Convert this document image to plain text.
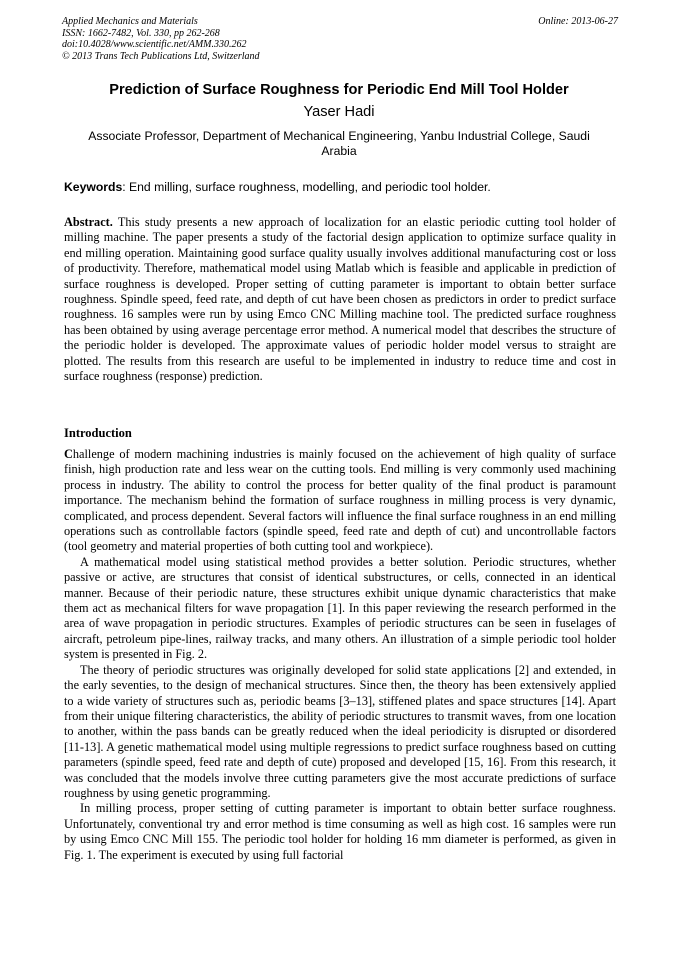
Applied Mechanics and Materials
ISSN: 1662-7482, Vol. 330, pp 262-268
doi:10.4028/www.scientific.net/AMM.330.262
© 2013 Trans Tech Publications Ltd, Switzerland
Online: 2013-06-27
Prediction of Surface Roughness for Periodic End Mill Tool Holder
Yaser Hadi
Associate Professor, Department of Mechanical Engineering, Yanbu Industrial College, Saudi Arabia
Keywords: End milling, surface roughness, modelling, and periodic tool holder.
Abstract. This study presents a new approach of localization for an elastic periodic cutting tool holder of milling machine. The paper presents a study of the factorial design application to optimize surface quality in end milling operation. Maintaining good surface quality usually involves additional manufacturing cost or loss of productivity. Therefore, mathematical model using Matlab which is feasible and applicable in prediction of surface roughness is developed. Proper setting of cutting parameter is important to obtain better surface roughness. Spindle speed, feed rate, and depth of cut have been chosen as predictors in order to predict surface roughness. 16 samples were run by using Emco CNC Milling machine tool. The predicted surface roughness has been obtained by using average percentage error method. A numerical model that describes the structure of the periodic holder is developed. The approximate values of periodic holder model versus to straight are plotted. The results from this research are useful to be implemented in industry to reduce time and cost in surface roughness (response) prediction.
Introduction

Challenge of modern machining industries is mainly focused on the achievement of high quality of surface finish, high production rate and less wear on the cutting tools. End milling is very commonly used machining process in industry. The ability to control the process for better quality of the final product is paramount importance. The mechanism behind the formation of surface roughness in milling process is very dynamic, complicated, and process dependent. Several factors will influence the final surface roughness in an end milling operations such as controllable factors (spindle speed, feed rate and depth of cut) and uncontrollable factors (tool geometry and material properties of both cutting tool and workpiece).

A mathematical model using statistical method provides a better solution. Periodic structures, whether passive or active, are structures that consist of identical substructures, or cells, connected in an identical manner. Because of their periodic nature, these structures exhibit unique dynamic characteristics that make them act as mechanical filters for wave propagation [1]. In this paper reviewing the research performed in the area of wave propagation in periodic structures. Examples of periodic structures can be seen in fuselages of aircraft, petroleum pipe-lines, railway tracks, and many others. An illustration of a simple periodic tool holder system is presented in Fig. 2.

The theory of periodic structures was originally developed for solid state applications [2] and extended, in the early seventies, to the design of mechanical structures. Since then, the theory has been extensively applied to a wide variety of structures such as, periodic beams [3–13], stiffened plates and space structures [14]. Apart from their unique filtering characteristics, the ability of periodic structures to transmit waves, from one location to another, within the pass bands can be greatly reduced when the ideal periodicity is disrupted or disordered [11-13]. A genetic mathematical model using multiple regressions to predict surface roughness based on cutting parameters (spindle speed, feed rate and depth of cute) proposed and developed [15, 16]. From this research, it was concluded that the models involve three cutting parameters give the most accurate predictions of surface roughness by using genetic programming.

In milling process, proper setting of cutting parameter is important to obtain better surface roughness. Unfortunately, conventional try and error method is time consuming as well as high cost. 16 samples were run by using Emco CNC Mill 155. The periodic tool holder for holding 16 mm diameter is performed, as given in Fig. 1. The experiment is executed by using full factorial
